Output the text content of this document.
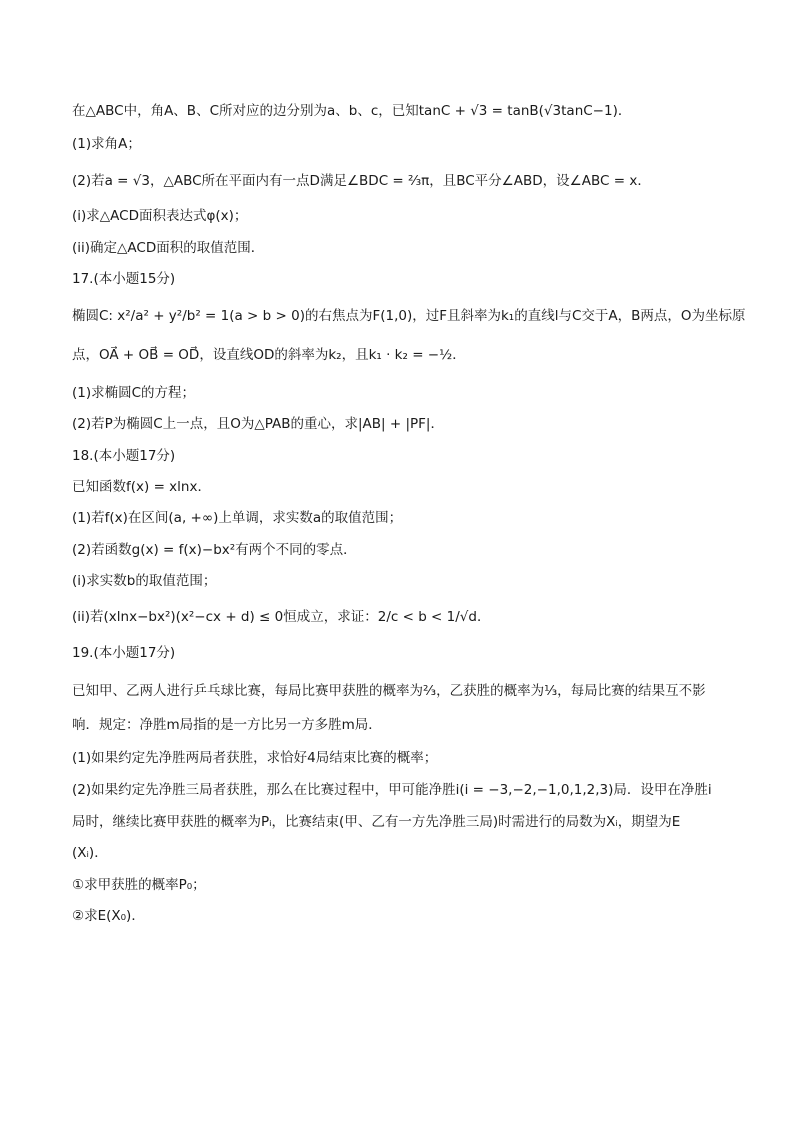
在△ABC中，角A、B、C所对应的边分别为a、b、c，已知tanC + √3 = tanB(√3tanC−1)．
(1)求角A；
(2)若a = √3，△ABC所在平面内有一点D满足∠BDC = ²⁄₃π，且BC平分∠ABD，设∠ABC = x．
(i)求△ACD面积表达式φ(x)；
(ii)确定△ACD面积的取值范围．
17.(本小题15分)
椭圆C: x²/a² + y²/b² = 1(a > b > 0)的右焦点为F(1,0)，过F且斜率为k₁的直线l与C交于A，B两点，O为坐标原
点，OA⃗ + OB⃗ = OD⃗，设直线OD的斜率为k₂，且k₁ · k₂ = −½．
(1)求椭圆C的方程；
(2)若P为椭圆C上一点，且O为△PAB的重心，求|AB| + |PF|．
18.(本小题17分)
已知函数f(x) = xlnx．
(1)若f(x)在区间(a, +∞)上单调，求实数a的取值范围；
(2)若函数g(x) = f(x)−bx²有两个不同的零点．
(i)求实数b的取值范围；
(ii)若(xlnx−bx²)(x²−cx + d) ≤ 0恒成立，求证：2/c < b < 1/√d．
19.(本小题17分)
已知甲、乙两人进行乒乓球比赛，每局比赛甲获胜的概率为⅔，乙获胜的概率为⅓，每局比赛的结果互不影
响．规定：净胜m局指的是一方比另一方多胜m局．
(1)如果约定先净胜两局者获胜，求恰好4局结束比赛的概率；
(2)如果约定先净胜三局者获胜，那么在比赛过程中，甲可能净胜i(i = −3,−2,−1,0,1,2,3)局．设甲在净胜i
局时，继续比赛甲获胜的概率为Pᵢ，比赛结束(甲、乙有一方先净胜三局)时需进行的局数为Xᵢ，期望为E
(Xᵢ)．
①求甲获胜的概率P₀；
②求E(X₀)．
